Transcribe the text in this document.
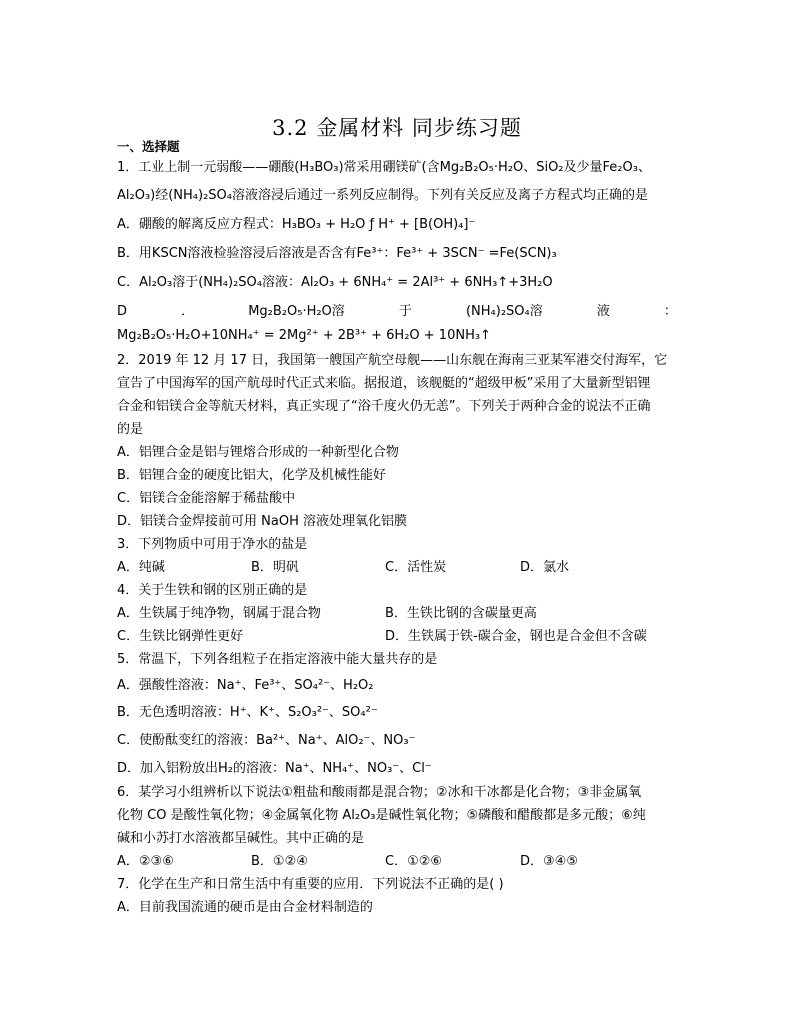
3.2 金属材料 同步练习题
一、选择题
1．工业上制一元弱酸——硼酸(H₃BO₃)常采用硼镁矿(含Mg₂B₂O₅·H₂O、SiO₂及少量Fe₂O₃、
Al₂O₃)经(NH₄)₂SO₄溶液溶浸后通过一系列反应制得。下列有关反应及离子方程式均正确的是
A．硼酸的解离反应方程式：H₃BO₃ + H₂O ƒ H⁺ + [B(OH)₄]⁻
B．用KSCN溶液检验溶浸后溶液是否含有Fe³⁺：Fe³⁺ + 3SCN⁻ =Fe(SCN)₃
C．Al₂O₃溶于(NH₄)₂SO₄溶液：Al₂O₃ + 6NH₄⁺ = 2Al³⁺ + 6NH₃↑+3H₂O
D	．	Mg₂B₂O₅·H₂O溶	于	(NH₄)₂SO₄溶	液	：
Mg₂B₂O₅·H₂O+10NH₄⁺ = 2Mg²⁺ + 2B³⁺ + 6H₂O + 10NH₃↑
2．2019 年 12 月 17 日，我国第一艘国产航空母舰——山东舰在海南三亚某军港交付海军，它
宣告了中国海军的国产航母时代正式来临。据报道，该舰艇的“超级甲板”采用了大量新型铝锂
合金和铝镁合金等航天材料，真正实现了“浴千度火仍无恙”。下列关于两种合金的说法不正确
的是
A．铝锂合金是铝与锂熔合形成的一种新型化合物
B．铝锂合金的硬度比铝大，化学及机械性能好
C．铝镁合金能溶解于稀盐酸中
D．铝镁合金焊接前可用 NaOH 溶液处理氧化铝膜
3．下列物质中可用于净水的盐是
A．纯碱	B．明矾	C．活性炭	D．氯水
4．关于生铁和钢的区别正确的是
A．生铁属于纯净物，钢属于混合物	B．生铁比钢的含碳量更高
C．生铁比钢弹性更好	D．生铁属于铁-碳合金，钢也是合金但不含碳
5．常温下，下列各组粒子在指定溶液中能大量共存的是
A．强酸性溶液：Na⁺、Fe³⁺、SO₄²⁻、H₂O₂
B．无色透明溶液：H⁺、K⁺、S₂O₃²⁻、SO₄²⁻
C．使酚酞变红的溶液：Ba²⁺、Na⁺、AlO₂⁻、NO₃⁻
D．加入铝粉放出H₂的溶液：Na⁺、NH₄⁺、NO₃⁻、Cl⁻
6．某学习小组辨析以下说法①粗盐和酸雨都是混合物；②冰和干冰都是化合物；③非金属氧
化物 CO 是酸性氧化物；④金属氧化物 Al₂O₃是碱性氧化物；⑤磷酸和醋酸都是多元酸；⑥纯
碱和小苏打水溶液都呈碱性。其中正确的是
A．②③⑥	B．①②④	C．①②⑥	D．③④⑤
7．化学在生产和日常生活中有重要的应用．下列说法不正确的是( )
A．目前我国流通的硬币是由合金材料制造的
